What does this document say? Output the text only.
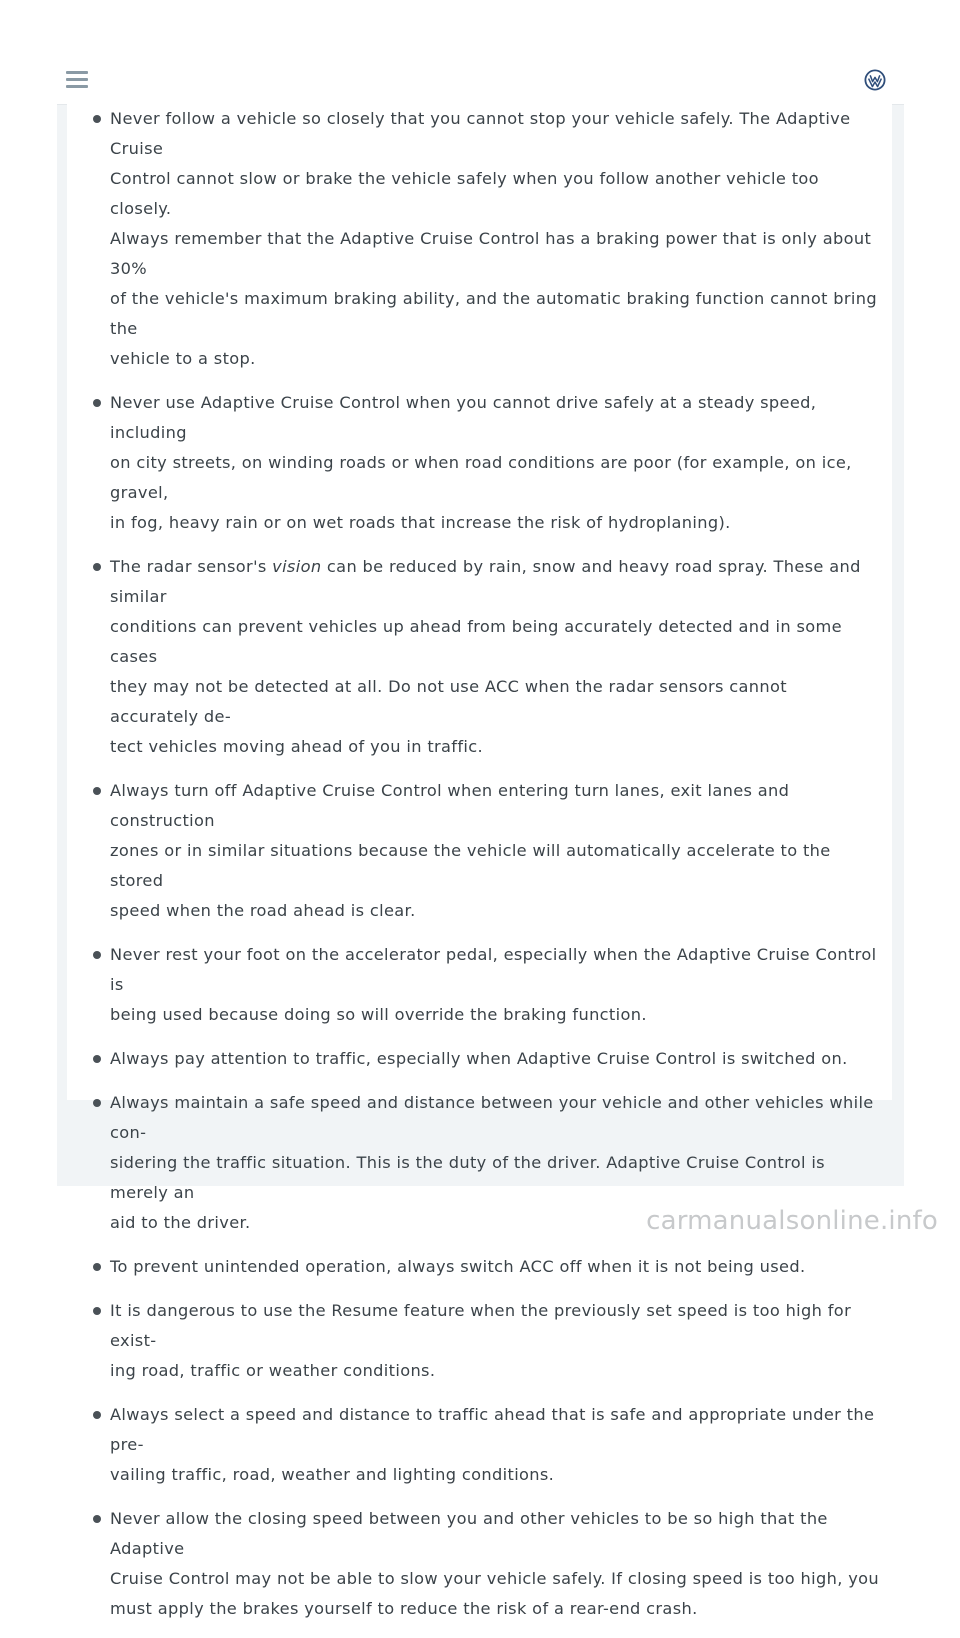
Never follow a vehicle so closely that you cannot stop your vehicle safely. The Adaptive Cruise
Control cannot slow or brake the vehicle safely when you follow another vehicle too closely.
Always remember that the Adaptive Cruise Control has a braking power that is only about 30%
of the vehicle's maximum braking ability, and the automatic braking function cannot bring the
vehicle to a stop.
Never use Adaptive Cruise Control when you cannot drive safely at a steady speed, including
on city streets, on winding roads or when road conditions are poor (for example, on ice, gravel,
in fog, heavy rain or on wet roads that increase the risk of hydroplaning).
The radar sensor's vision can be reduced by rain, snow and heavy road spray. These and similar
conditions can prevent vehicles up ahead from being accurately detected and in some cases
they may not be detected at all. Do not use ACC when the radar sensors cannot accurately de-
tect vehicles moving ahead of you in traffic.
Always turn off Adaptive Cruise Control when entering turn lanes, exit lanes and construction
zones or in similar situations because the vehicle will automatically accelerate to the stored
speed when the road ahead is clear.
Never rest your foot on the accelerator pedal, especially when the Adaptive Cruise Control is
being used because doing so will override the braking function.
Always pay attention to traffic, especially when Adaptive Cruise Control is switched on.
Always maintain a safe speed and distance between your vehicle and other vehicles while con-
sidering the traffic situation. This is the duty of the driver. Adaptive Cruise Control is merely an
aid to the driver.
To prevent unintended operation, always switch ACC off when it is not being used.
It is dangerous to use the Resume feature when the previously set speed is too high for exist-
ing road, traffic or weather conditions.
Always select a speed and distance to traffic ahead that is safe and appropriate under the pre-
vailing traffic, road, weather and lighting conditions.
Never allow the closing speed between you and other vehicles to be so high that the Adaptive
Cruise Control may not be able to slow your vehicle safely. If closing speed is too high, you
must apply the brakes yourself to reduce the risk of a rear-end crash.
carmanualsonline.info
